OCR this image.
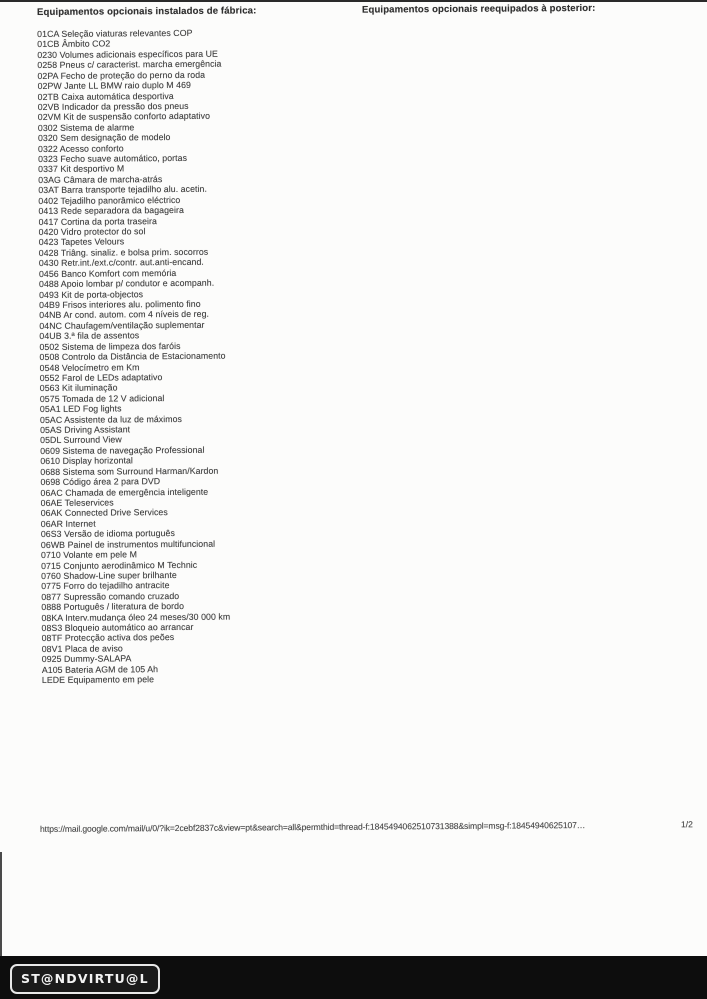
Equipamentos opcionais instalados de fábrica:	Equipamentos opcionais reequipados à posterior:
01CA Seleção viaturas relevantes COP
01CB Âmbito CO2
0230 Volumes adicionais específicos para UE
0258 Pneus c/ caracterist. marcha emergência
02PA Fecho de proteção do perno da roda
02PW Jante LL BMW raio duplo M 469
02TB Caixa automática desportiva
02VB Indicador da pressão dos pneus
02VM Kit de suspensão conforto adaptativo
0302 Sistema de alarme
0320 Sem designação de modelo
0322 Acesso conforto
0323 Fecho suave automático, portas
0337 Kit desportivo M
03AG Câmara de marcha-atrás
03AT Barra transporte tejadilho alu. acetin.
0402 Tejadilho panorâmico eléctrico
0413 Rede separadora da bagageira
0417 Cortina da porta traseira
0420 Vidro protector do sol
0423 Tapetes Velours
0428 Triâng. sinaliz. e bolsa prim. socorros
0430 Retr.int./ext.c/contr. aut.anti-encand.
0456 Banco Komfort com memória
0488 Apoio lombar p/ condutor e acompanh.
0493 Kit de porta-objectos
04B9 Frisos interiores alu. polimento fino
04NB Ar cond. autom. com 4 níveis de reg.
04NC Chaufagem/ventilação suplementar
04UB 3.ª fila de assentos
0502 Sistema de limpeza dos faróis
0508 Controlo da Distância de Estacionamento
0548 Velocímetro em Km
0552 Farol de LEDs adaptativo
0563 Kit iluminação
0575 Tomada de 12 V adicional
05A1 LED Fog lights
05AC Assistente da luz de máximos
05AS Driving Assistant
05DL Surround View
0609 Sistema de navegação Professional
0610 Display horizontal
0688 Sistema som Surround Harman/Kardon
0698 Código área 2 para DVD
06AC Chamada de emergência inteligente
06AE Teleservices
06AK Connected Drive Services
06AR Internet
06S3 Versão de idioma português
06WB Painel de instrumentos multifuncional
0710 Volante em pele M
0715 Conjunto aerodinâmico M Technic
0760 Shadow-Line super brilhante
0775 Forro do tejadilho antracite
0877 Supressão comando cruzado
0888 Português / literatura de bordo
08KA Interv.mudança óleo 24 meses/30 000 km
08S3 Bloqueio automático ao arrancar
08TF Protecção activa dos peões
08V1 Placa de aviso
0925 Dummy-SALAPA
A105 Bateria AGM de 105 Ah
LEDE Equipamento em pele
https://mail.google.com/mail/u/0/?ik=2cebf2837c&view=pt&search=all&permthid=thread-f:1845494062510731388&simpl=msg-f:18454940625107…	1/2
ST@NDVIRTU@L
